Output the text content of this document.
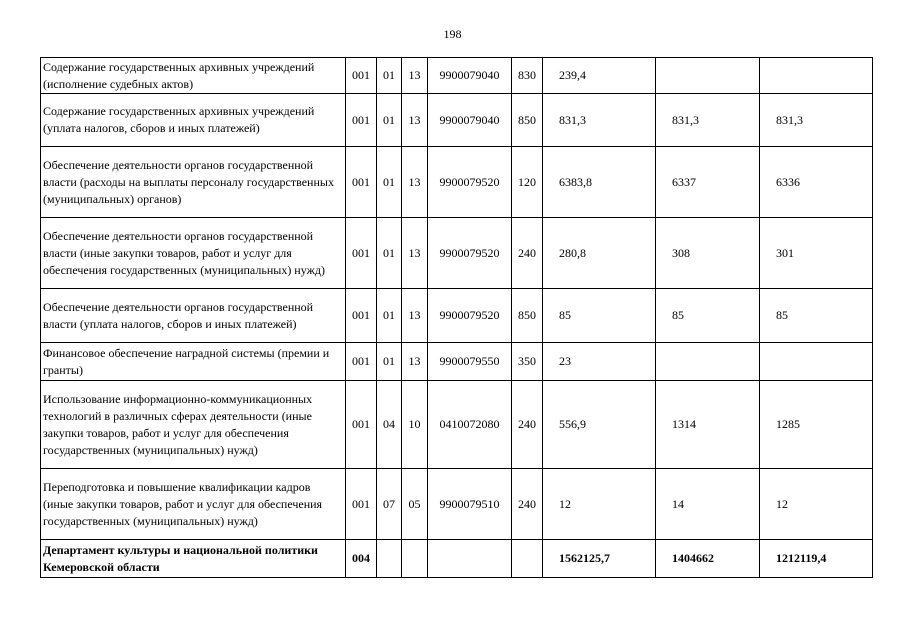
198
Содержание государственных архивных учреждений (исполнение судебных актов)	001	01	13	9900079040	830	239,4		
Содержание государственных архивных учреждений (уплата налогов, сборов и иных платежей)	001	01	13	9900079040	850	831,3	831,3	831,3
Обеспечение деятельности органов государственной власти (расходы на выплаты персоналу государственных (муниципальных) органов)	001	01	13	9900079520	120	6383,8	6337	6336
Обеспечение деятельности органов государственной власти (иные закупки товаров, работ и услуг для обеспечения государственных (муниципальных) нужд)	001	01	13	9900079520	240	280,8	308	301
Обеспечение деятельности органов государственной власти (уплата налогов, сборов и иных платежей)	001	01	13	9900079520	850	85	85	85
Финансовое обеспечение наградной системы (премии и гранты)	001	01	13	9900079550	350	23		
Использование информационно-коммуникационных технологий в различных сферах деятельности (иные закупки товаров, работ и услуг для обеспечения государственных (муниципальных) нужд)	001	04	10	0410072080	240	556,9	1314	1285
Переподготовка и повышение квалификации кадров (иные закупки товаров, работ и услуг для обеспечения государственных (муниципальных) нужд)	001	07	05	9900079510	240	12	14	12
Департамент культуры и национальной политики Кемеровской области	004					1562125,7	1404662	1212119,4
